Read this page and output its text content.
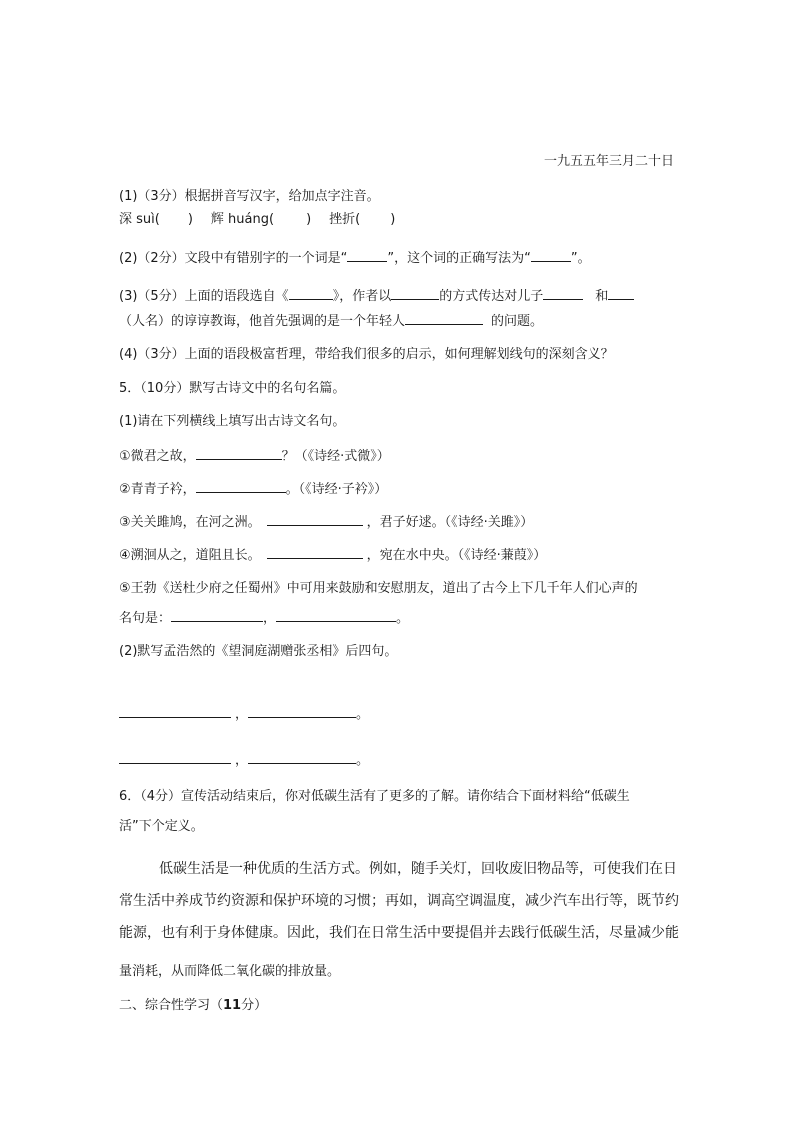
一九五五年三月二十日
(1)（3分）根据拼音写汉字，给加点字注音。
深 suì( ) 辉 huáng( ) 挫折( )
(2)（2分）文段中有错别字的一个词是“	”，这个词的正确写法为“	”。
(3)（5分）上面的语段选自《	》，作者以	的方式传达对儿子	和
（人名）的谆谆教诲，他首先强调的是一个年轻人	的问题。
(4)（3分）上面的语段极富哲理，带给我们很多的启示，如何理解划线句的深刻含义？
5．（10分）默写古诗文中的名句名篇。
(1)请在下列横线上填写出古诗文名句。
①微君之故，	？（《诗经·式微》）
②青青子衿，	。（《诗经·子衿》）
③关关雎鸠，在河之洲。	，君子好逑。（《诗经·关雎》）
④溯洄从之，道阻且长。	，宛在水中央。（《诗经·蒹葭》）
⑤王勃《送杜少府之任蜀州》中可用来鼓励和安慰朋友，道出了古今上下几千年人们心声的
名句是：	，	。
(2)默写孟浩然的《望洞庭湖赠张丞相》后四句。
，	。
，	。
6．（4分）宣传活动结束后，你对低碳生活有了更多的了解。请你结合下面材料给“低碳生
活”下个定义。
低碳生活是一种优质的生活方式。例如，随手关灯，回收废旧物品等，可使我们在日
常生活中养成节约资源和保护环境的习惯；再如，调高空调温度，减少汽车出行等，既节约
能源，也有利于身体健康。因此，我们在日常生活中要提倡并去践行低碳生活，尽量减少能
量消耗，从而降低二氧化碳的排放量。
二、综合性学习（11分）
